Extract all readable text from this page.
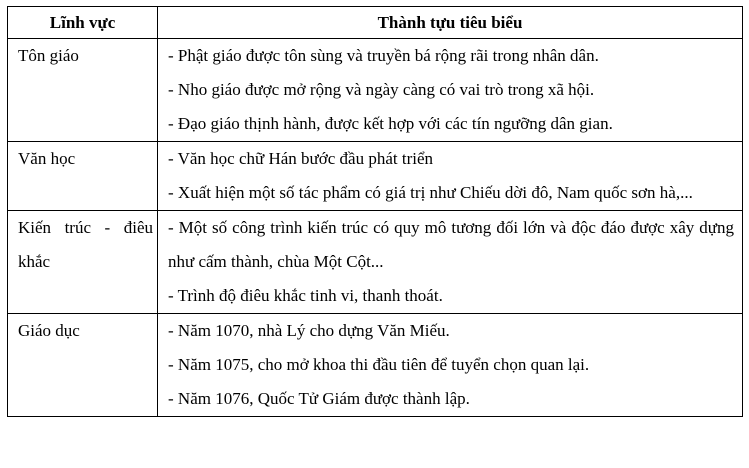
Lĩnh vực	Thành tựu tiêu biểu
Tôn giáo	- Phật giáo được tôn sùng và truyền bá rộng rãi trong nhân dân.
- Nho giáo được mở rộng và ngày càng có vai trò trong xã hội.
- Đạo giáo thịnh hành, được kết hợp với các tín ngưỡng dân gian.

Văn học	- Văn học chữ Hán bước đầu phát triển
- Xuất hiện một số tác phẩm có giá trị như Chiếu dời đô, Nam quốc sơn hà,...

Kiến trúc - điêu khắc	- Một số công trình kiến trúc có quy mô tương đối lớn và độc đáo được xây dựng như cấm thành, chùa Một Cột...
- Trình độ điêu khắc tinh vi, thanh thoát.

Giáo dục	- Năm 1070, nhà Lý cho dựng Văn Miếu.
- Năm 1075, cho mở khoa thi đầu tiên để tuyển chọn quan lại.
- Năm 1076, Quốc Tử Giám được thành lập.
